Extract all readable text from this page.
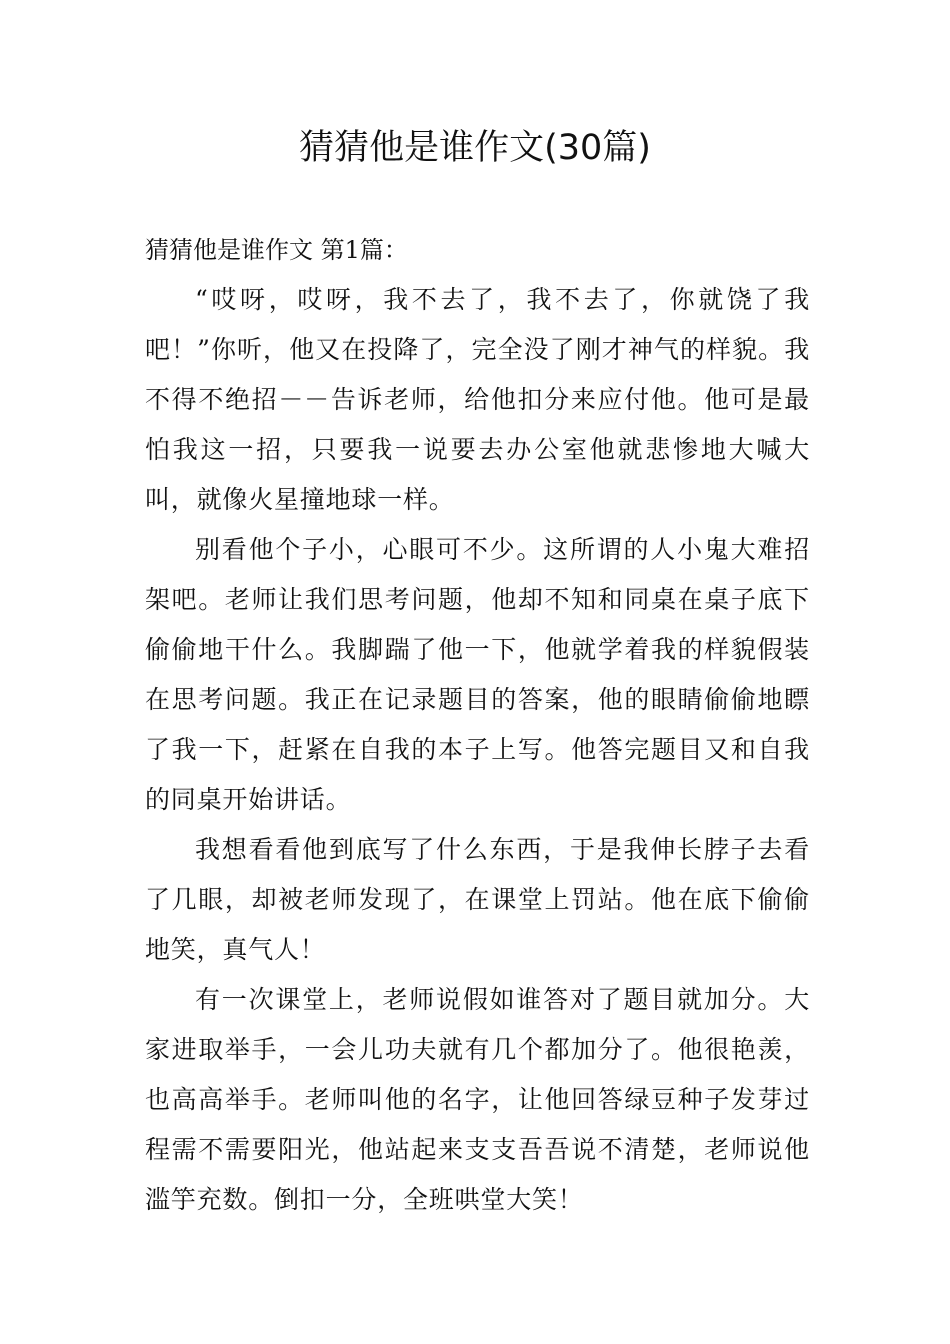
猜猜他是谁作文(30篇)

猜猜他是谁作文 第1篇：

“哎呀，哎呀，我不去了，我不去了，你就饶了我吧！”你听，他又在投降了，完全没了刚才神气的样貌。我不得不绝招－－告诉老师，给他扣分来应付他。他可是最怕我这一招，只要我一说要去办公室他就悲惨地大喊大叫，就像火星撞地球一样。

别看他个子小，心眼可不少。这所谓的人小鬼大难招架吧。老师让我们思考问题，他却不知和同桌在桌子底下偷偷地干什么。我脚踹了他一下，他就学着我的样貌假装在思考问题。我正在记录题目的答案，他的眼睛偷偷地瞟了我一下，赶紧在自我的本子上写。他答完题目又和自我的同桌开始讲话。

我想看看他到底写了什么东西，于是我伸长脖子去看了几眼，却被老师发现了，在课堂上罚站。他在底下偷偷地笑，真气人！

有一次课堂上，老师说假如谁答对了题目就加分。大家进取举手，一会儿功夫就有几个都加分了。他很艳羡，也高高举手。老师叫他的名字，让他回答绿豆种子发芽过程需不需要阳光，他站起来支支吾吾说不清楚，老师说他滥竽充数。倒扣一分，全班哄堂大笑！
